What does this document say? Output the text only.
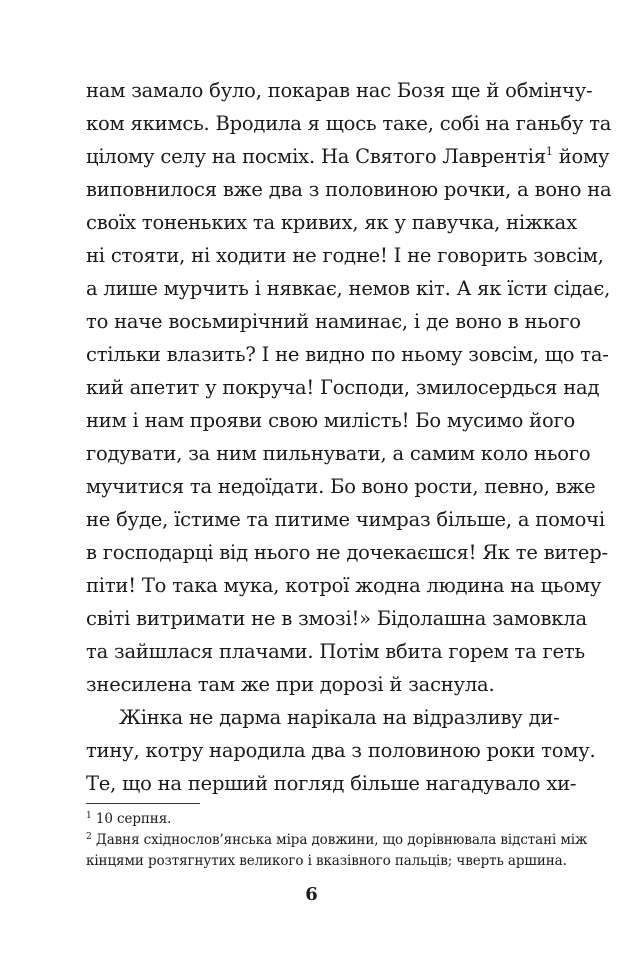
нам замало було, покарав нас Бозя ще й обмінчу-
ком якимсь. Вродила я щось таке, собі на ганьбу та
цілому селу на посміх. На Святого Лаврентія$^1$ йому
виповнилося вже два з половиною рочки, а воно на
своїх тоненьких та кривих, як у павучка, ніжках
ні стояти, ні ходити не годне! І не говорить зовсім,
а лише мурчить і нявкає, немов кіт. А як їсти сідає,
то наче восьмирічний наминає, і де воно в нього
стільки влазить? І не видно по ньому зовсім, що та-
кий апетит у покруча! Господи, змилосердься над
ним і нам прояви свою милість! Бо мусимо його
годувати, за ним пильнувати, а самим коло нього
мучитися та недоїдати. Бо воно рости, певно, вже
не буде, їстиме та питиме чимраз більше, а помочі
в господарці від нього не дочекаєшся! Як те витер-
піти! То така мука, котрої жодна людина на цьому
світі витримати не в змозі!» Бідолашна замовкла
та зайшлася плачами. Потім вбита горем та геть
знесилена там же при дорозі й заснула.
Жінка не дарма нарікала на відразливу ди-
тину, котру народила два з половиною роки тому.
Те, що на перший погляд більше нагадувало хи-
$^1$ 10 серпня.
$^2$ Давня східнослов’янська міра довжини, що дорівнювала відстані між
кінцями розтягнутих великого і вказівного пальців; чверть аршина.
6
